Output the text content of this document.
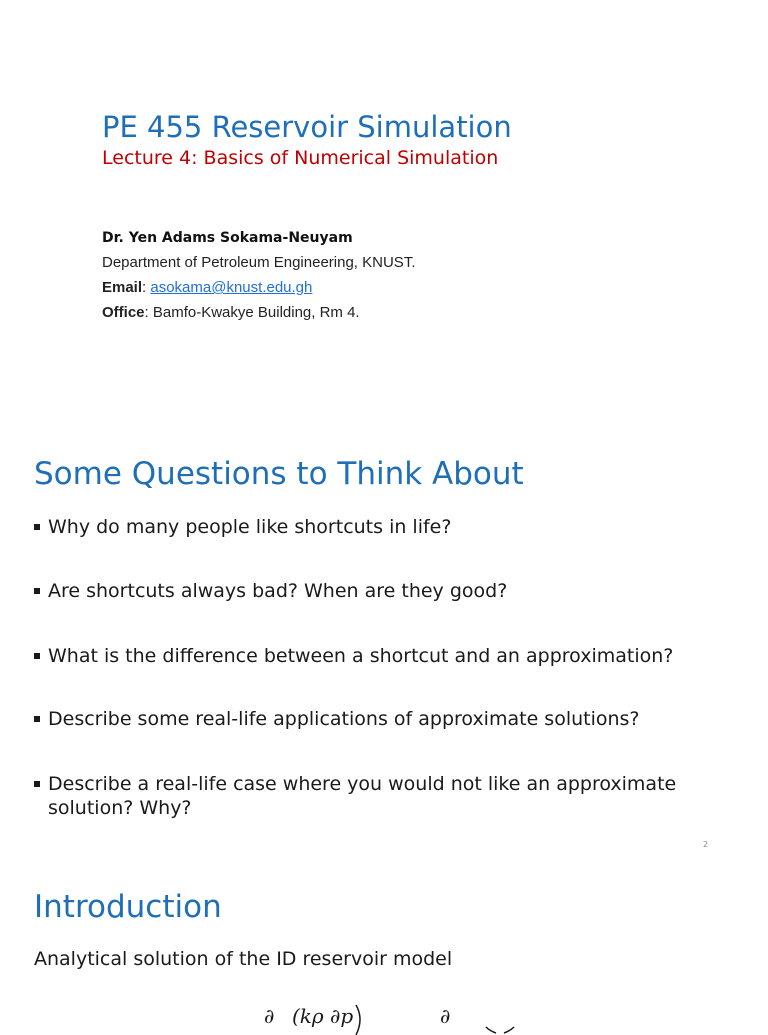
PE 455 Reservoir Simulation
Lecture 4: Basics of Numerical Simulation
Dr. Yen Adams Sokama-Neuyam
Department of Petroleum Engineering, KNUST.
Email: asokama@knust.edu.gh
Office: Bamfo-Kwakye Building, Rm 4.
Some Questions to Think About
Why do many people like shortcuts in life?
Are shortcuts always bad? When are they good?
What is the difference between a shortcut and an approximation?
Describe some real-life applications of approximate solutions?
Describe a real-life case where you would not like an approximate solution? Why?
2
Introduction
Analytical solution of the ID reservoir model
∂ (kρ ∂p	∂
